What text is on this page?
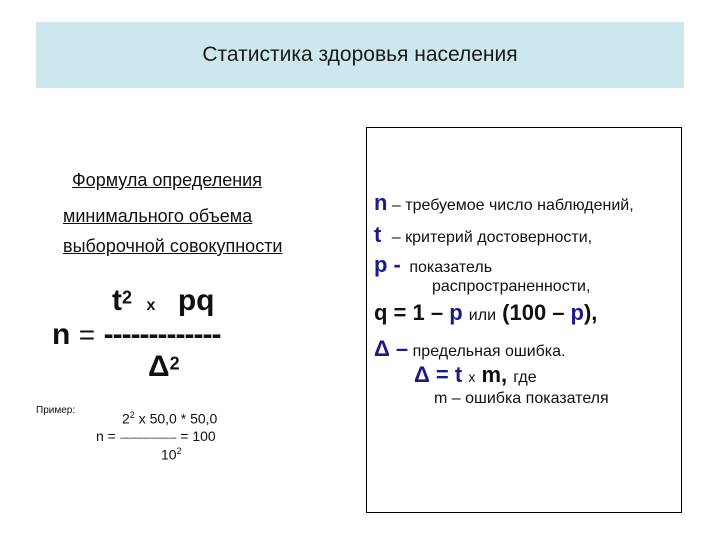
Статистика здоровья населения
Формула определения
минимального объема
выборочной совокупности
t2 x pq
n = -------------
Δ2
Пример:
$2^2$ x 50,0 * 50,0
n = -------------------- = 100
$10^2$
n – требуемое число наблюдений,
t – критерий достоверности,
p - показатель
распространенности,
q = 1 – p или (100 – p),
Δ – предельная ошибка.
Δ = t x m, где
m – ошибка показателя
